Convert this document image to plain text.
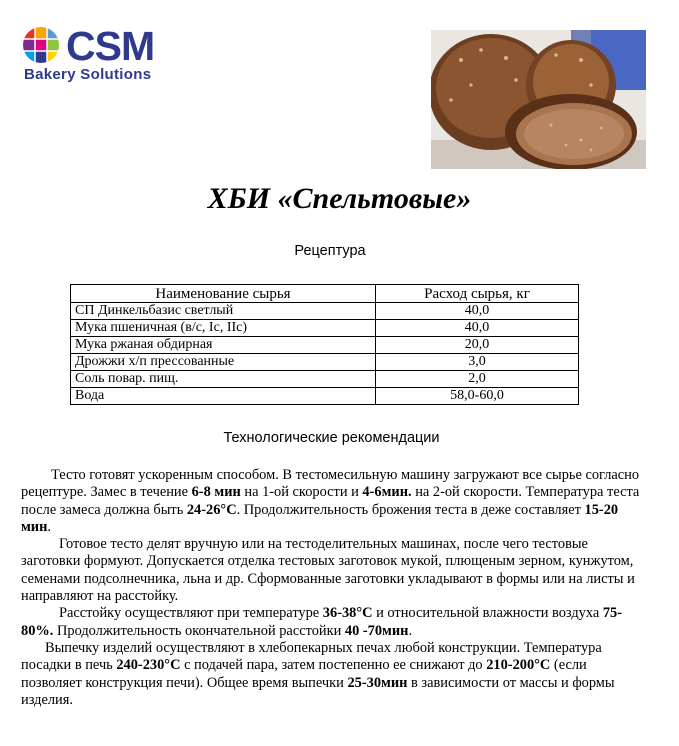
CSM
Bakery Solutions
ХБИ «Спельтовые»
Рецептура
Наименование сырья	Расход сырья, кг
СП Динкельбазис светлый	40,0
Мука пшеничная (в/с, Iс, IIс)	40,0
Мука ржаная обдирная	20,0
Дрожжи х/п прессованные	3,0
Соль повар. пищ.	2,0
Вода	58,0-60,0
Технологические рекомендации

Тесто готовят ускоренным способом. В тестомесильную машину загружают все сырье согласно рецептуре. Замес в течение 6-8 мин на 1-ой скорости и 4-6мин. на 2-ой скорости. Температура теста после замеса должна быть 24-26°С. Продолжительность брожения теста в деже составляет 15-20 мин.

Готовое тесто делят вручную или на тестоделительных машинах, после чего тестовые заготовки формуют. Допускается отделка тестовых заготовок мукой, плющеным зерном, кунжутом, семенами подсолнечника, льна и др. Сформованные заготовки укладывают в формы или на листы и направляют на расстойку.

Расстойку осуществляют при температуре 36-38°С и относительной влажности воздуха 75-80%. Продолжительность окончательной расстойки 40 -70мин.

Выпечку изделий осуществляют в хлебопекарных печах любой конструкции. Температура посадки в печь 240-230°С с подачей пара, затем постепенно ее снижают до 210-200°С (если позволяет конструкция печи). Общее время выпечки 25-30мин в зависимости от массы и формы изделия.
